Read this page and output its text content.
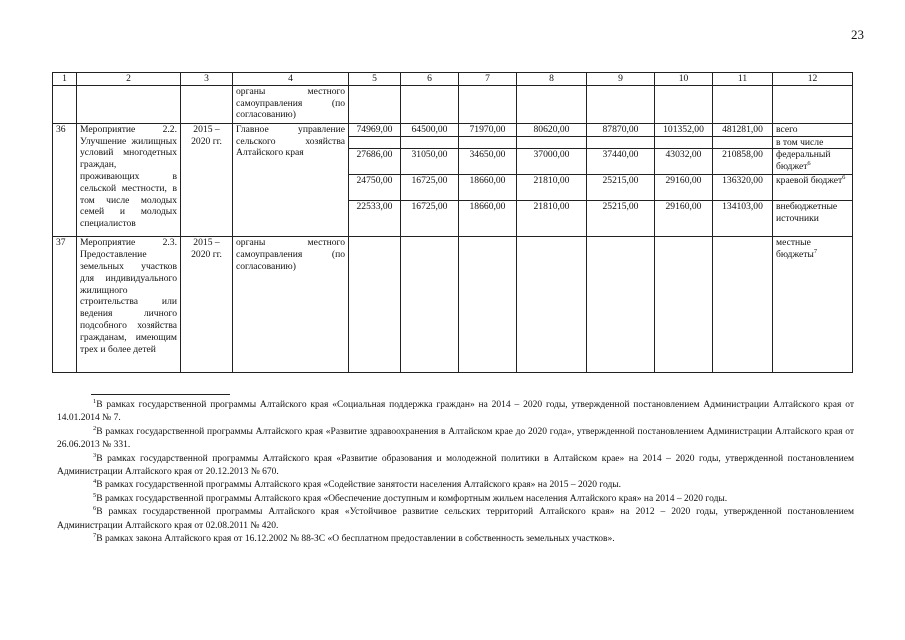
23
1	2	3	4	5	6	7	8	9	10	11	12
			органы местного самоуправления (по согласованию)								
36	Мероприятие 2.2. Улучшение жилищных условий многодетных граждан, проживающих в сельской местности, в том числе молодых семей и молодых специалистов	2015 – 2020 гг.	Главное управление сельского хозяйства Алтайского края	74969,00	64500,00	71970,00	80620,00	87870,00	101352,00	481281,00	всего
											в том числе
				27686,00	31050,00	34650,00	37000,00	37440,00	43032,00	210858,00	федеральный бюджет$^6$
				24750,00	16725,00	18660,00	21810,00	25215,00	29160,00	136320,00	краевой бюджет$^6$
				22533,00	16725,00	18660,00	21810,00	25215,00	29160,00	134103,00	внебюджетные источники
37	Мероприятие 2.3. Предоставление земельных участков для индивидуального жилищного строительства или ведения личного подсобного хозяйства гражданам, имеющим трех и более детей	2015 – 2020 гг.	органы местного самоуправления (по согласованию)								местные бюджеты$^7$

$^1$В рамках государственной программы Алтайского края «Социальная поддержка граждан» на 2014 – 2020 годы, утвержденной постановлением Администрации Алтайского края от 14.01.2014 № 7.

$^2$В рамках государственной программы Алтайского края «Развитие здравоохранения в Алтайском крае до 2020 года», утвержденной постановлением Администрации Алтайского края от 26.06.2013 № 331.

$^3$В рамках государственной программы Алтайского края «Развитие образования и молодежной политики в Алтайском крае» на 2014 – 2020 годы, утвержденной постановлением Администрации Алтайского края от 20.12.2013 № 670.

$^4$В рамках государственной программы Алтайского края «Содействие занятости населения Алтайского края» на 2015 – 2020 годы.

$^5$В рамках государственной программы Алтайского края «Обеспечение доступным и комфортным жильем населения Алтайского края» на 2014 – 2020 годы.

$^6$В рамках государственной программы Алтайского края «Устойчивое развитие сельских территорий Алтайского края» на 2012 – 2020 годы, утвержденной постановлением Администрации Алтайского края от 02.08.2011 № 420.

$^7$В рамках закона Алтайского края от 16.12.2002 № 88-ЗС «О бесплатном предоставлении в собственность земельных участков».
